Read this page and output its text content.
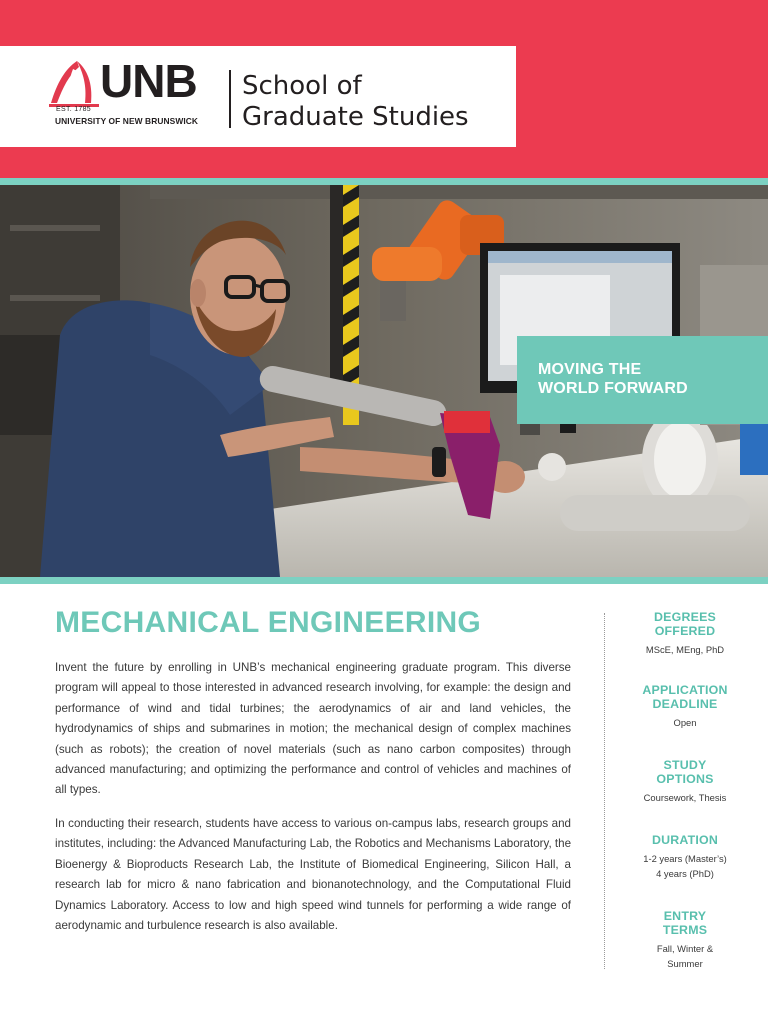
UNB
EST. 1785
UNIVERSITY OF NEW BRUNSWICK
School of
Graduate Studies
MOVING THE
WORLD FORWARD
MECHANICAL ENGINEERING

Invent the future by enrolling in UNB’s mechanical engineering graduate program. This diverse program will appeal to those interested in advanced research involving, for example: the design and performance of wind and tidal turbines; the aerodynamics of air and land vehicles, the hydrodynamics of ships and submarines in motion; the mechanical design of complex machines (such as robots); the creation of novel materials (such as nano carbon composites) through advanced manufacturing; and optimizing the performance and control of vehicles and machines of all types.

In conducting their research, students have access to various on-campus labs, research groups and institutes, including: the Advanced Manufacturing Lab, the Robotics and Mechanisms Laboratory, the Bioenergy & Bioproducts Research Lab, the Institute of Biomedical Engineering, Silicon Hall, a research lab for micro & nano fabrication and bionanotechnology, and the Computational Fluid Dynamics Laboratory. Access to low and high speed wind tunnels for performing a wide range of aerodynamic and turbulence research is also available.

DEGREES
OFFERED
MScE, MEng, PhD
APPLICATION
DEADLINE
Open
STUDY
OPTIONS
Coursework, Thesis
DURATION
1-2 years (Master’s)
4 years (PhD)
ENTRY
TERMS
Fall, Winter &
Summer
